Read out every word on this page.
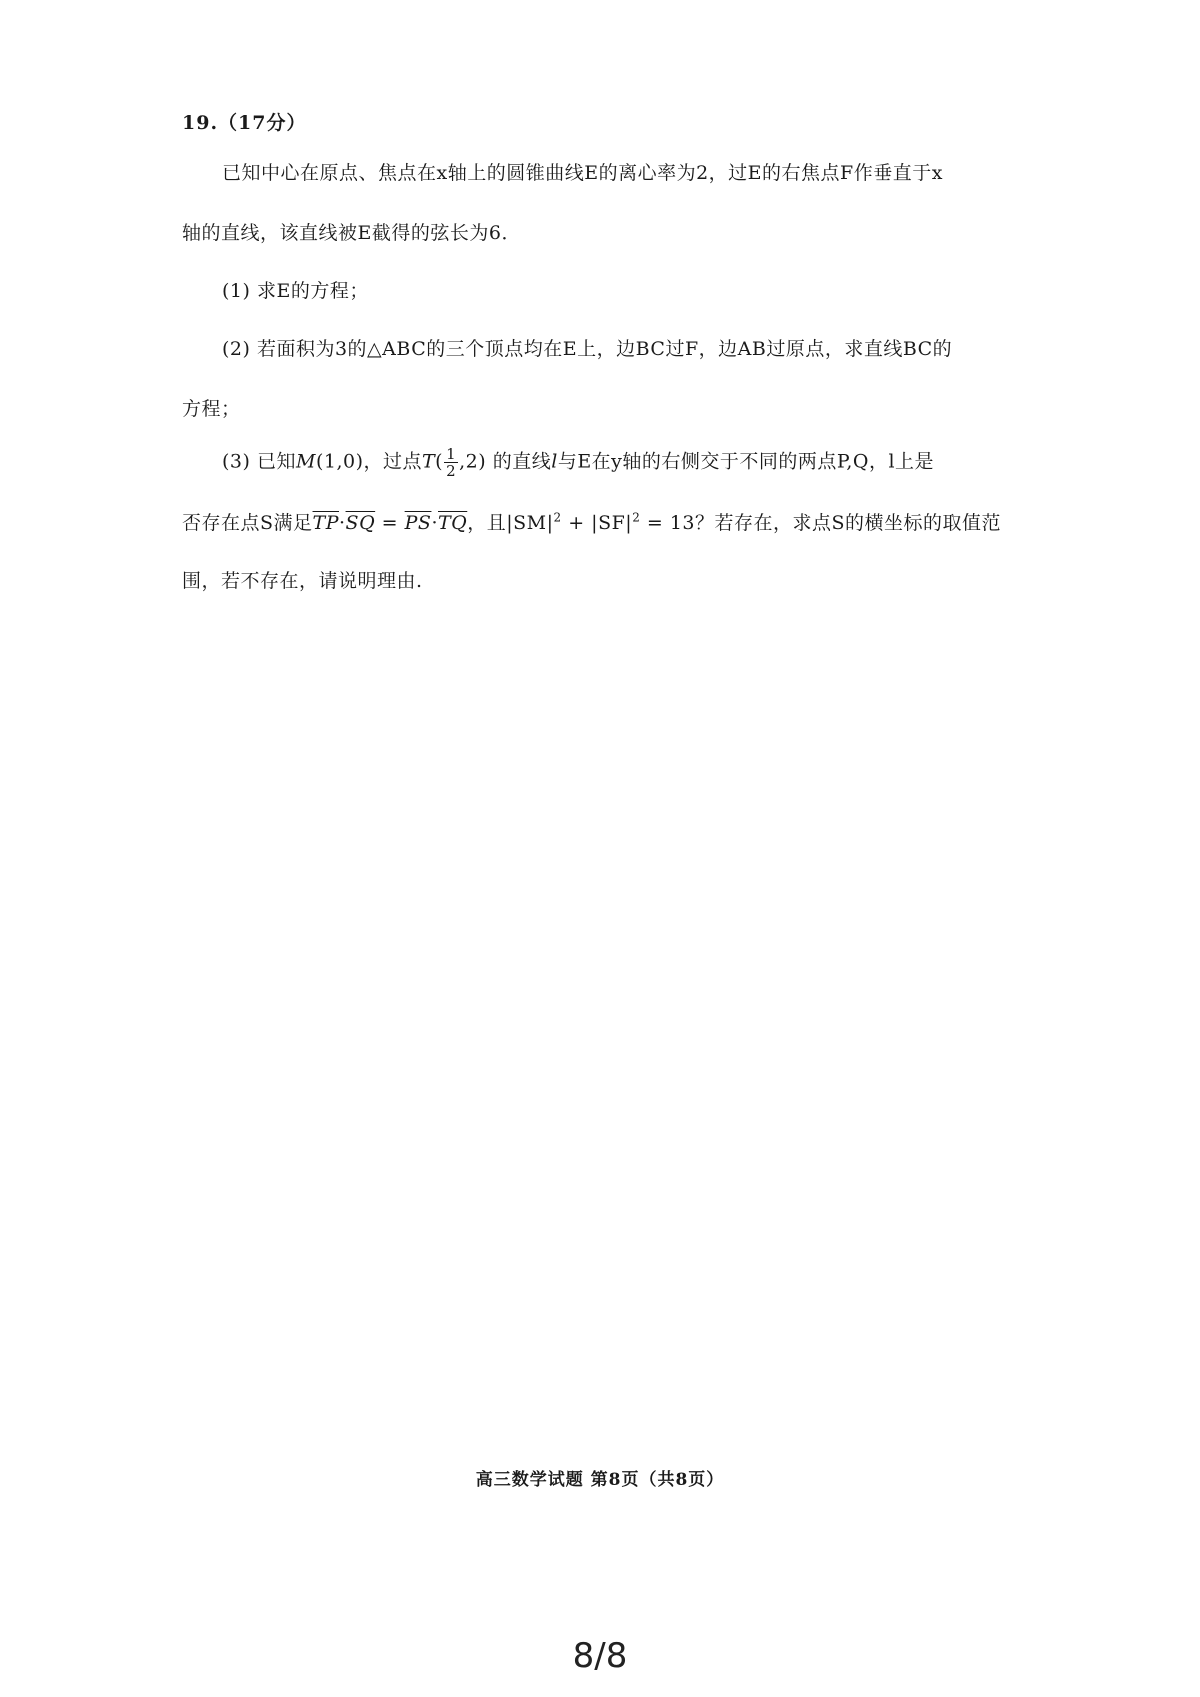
19.（17分）
已知中心在原点、焦点在x轴上的圆锥曲线E的离心率为2，过E的右焦点F作垂直于x
轴的直线，该直线被E截得的弦长为6．
(1) 求E的方程；
(2) 若面积为3的△ABC的三个顶点均在E上，边BC过F，边AB过原点，求直线BC的
方程；
(3) 已知M(1,0)，过点$T( \frac{1}{2} ,2)$ 的直线l与E在y轴的右侧交于不同的两点P,Q，l上是
否存在点S满足$\overline{TP}\cdot\overline{SQ} = \overline{PS}\cdot\overline{TQ}$，且$|SM|^2 + |SF|^2 = 13$？若存在，求点S的横坐标的取值范
围，若不存在，请说明理由.
高三数学试题 第8页（共8页）
8/8
